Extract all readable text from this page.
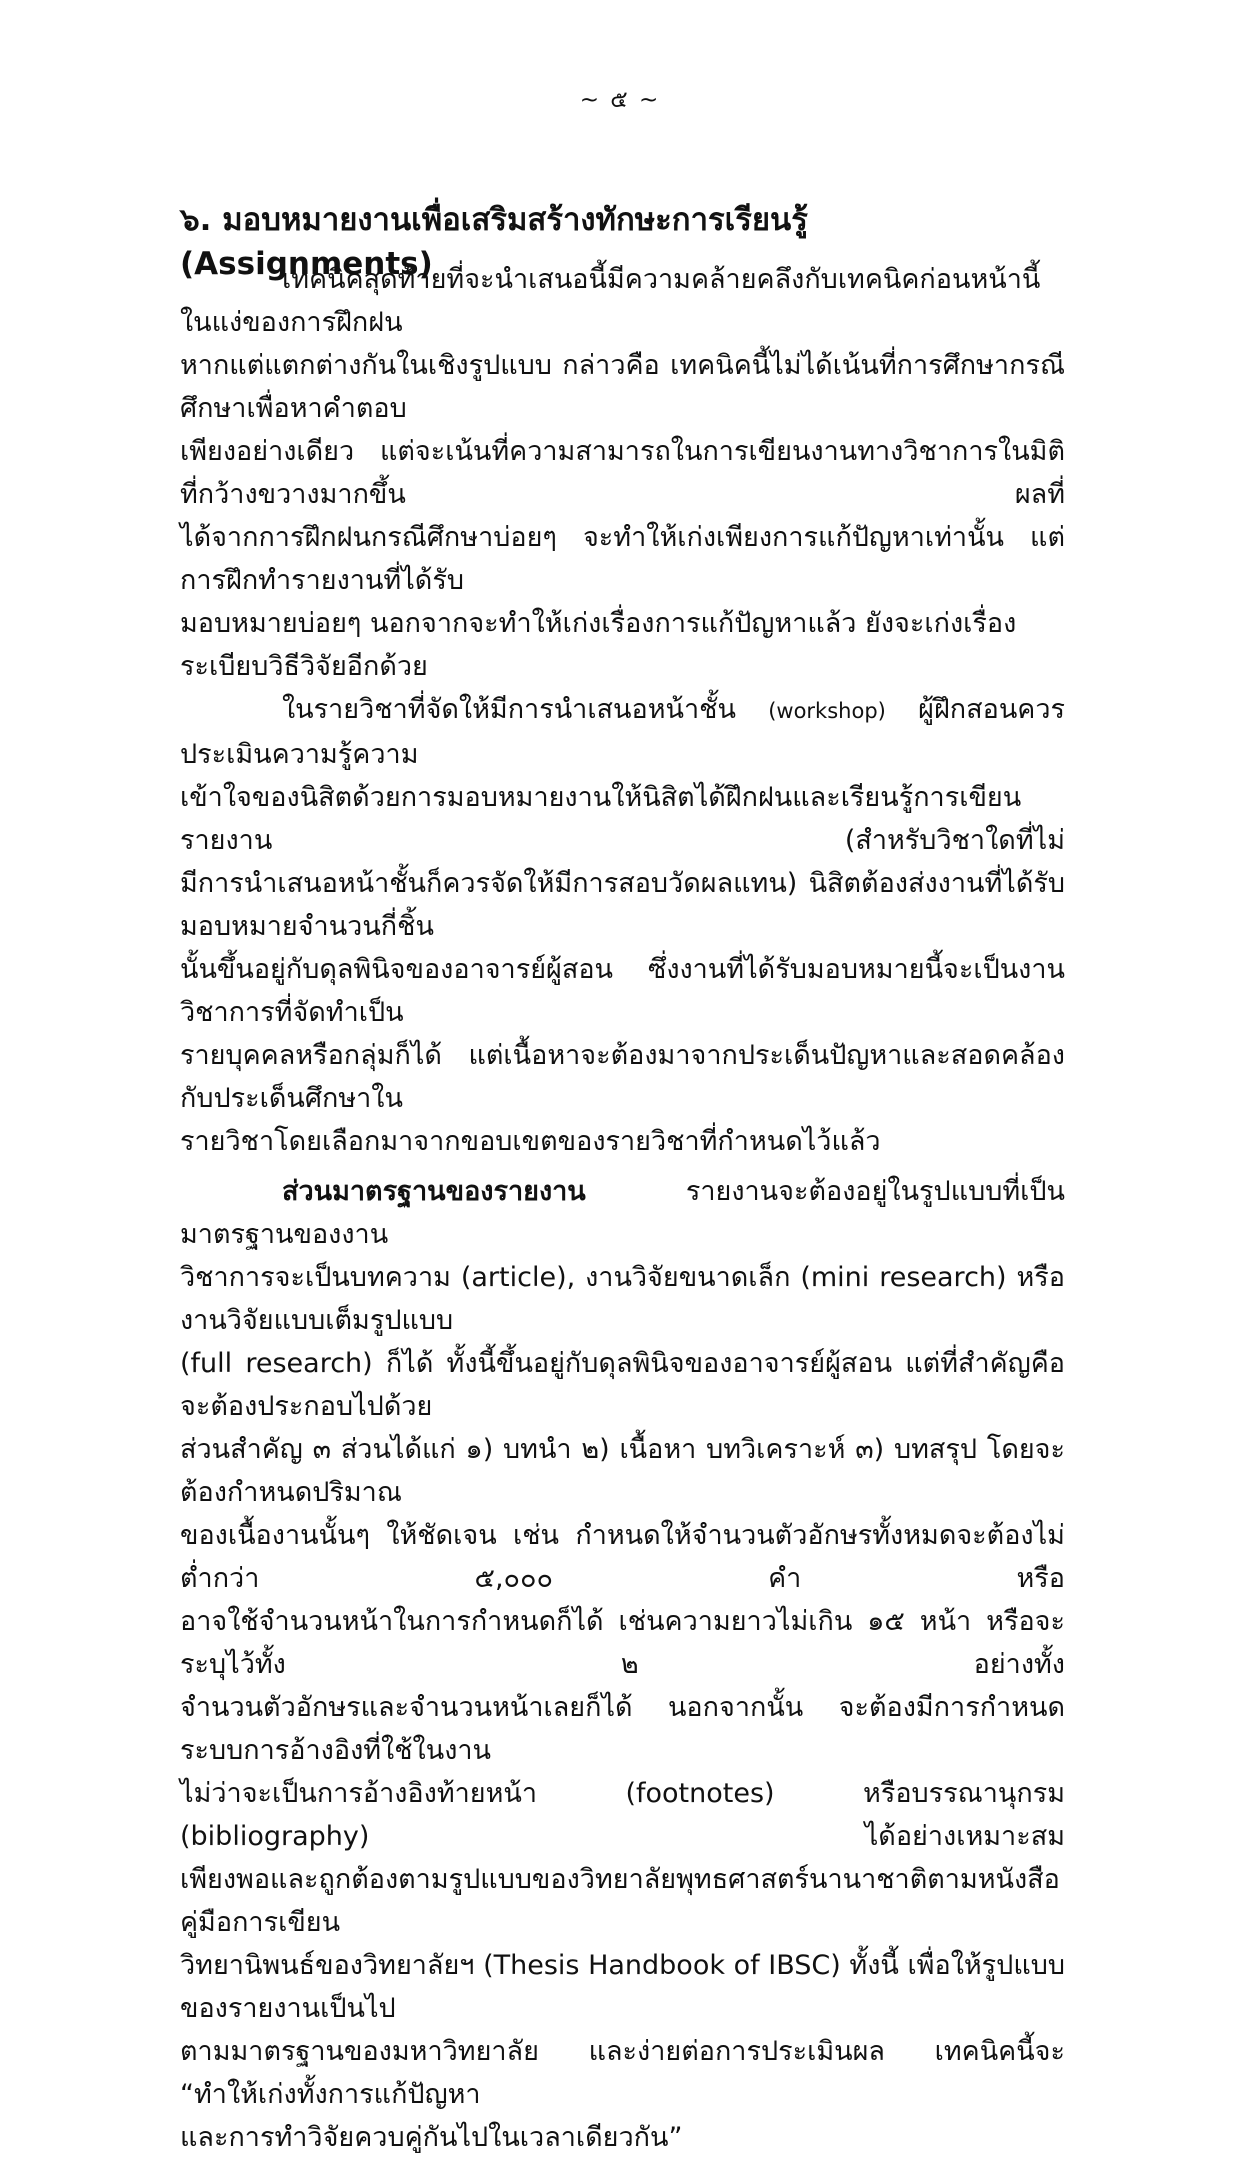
~ ๕ ~
๖. มอบหมายงานเพื่อเสริมสร้างทักษะการเรียนรู้ (Assignments)
เทคนิคสุดท้ายที่จะนำเสนอนี้มีความคล้ายคลึงกับเทคนิคก่อนหน้านี้ในแง่ของการฝึกฝน
หากแต่แตกต่างกันในเชิงรูปแบบ กล่าวคือ เทคนิคนี้ไม่ได้เน้นที่การศึกษากรณีศึกษาเพื่อหาคำตอบ
เพียงอย่างเดียว แต่จะเน้นที่ความสามารถในการเขียนงานทางวิชาการในมิติที่กว้างขวางมากขึ้น ผลที่
ได้จากการฝึกฝนกรณีศึกษาบ่อยๆ จะทำให้เก่งเพียงการแก้ปัญหาเท่านั้น แต่การฝึกทำรายงานที่ได้รับ
มอบหมายบ่อยๆ นอกจากจะทำให้เก่งเรื่องการแก้ปัญหาแล้ว ยังจะเก่งเรื่องระเบียบวิธีวิจัยอีกด้วย
ในรายวิชาที่จัดให้มีการนำเสนอหน้าชั้น (workshop) ผู้ฝึกสอนควรประเมินความรู้ความ
เข้าใจของนิสิตด้วยการมอบหมายงานให้นิสิตได้ฝึกฝนและเรียนรู้การเขียนรายงาน (สำหรับวิชาใดที่ไม่
มีการนำเสนอหน้าชั้นก็ควรจัดให้มีการสอบวัดผลแทน) นิสิตต้องส่งงานที่ได้รับมอบหมายจำนวนกี่ชิ้น
นั้นขึ้นอยู่กับดุลพินิจของอาจารย์ผู้สอน ซึ่งงานที่ได้รับมอบหมายนี้จะเป็นงานวิชาการที่จัดทำเป็น
รายบุคคลหรือกลุ่มก็ได้ แต่เนื้อหาจะต้องมาจากประเด็นปัญหาและสอดคล้องกับประเด็นศึกษาใน
รายวิชาโดยเลือกมาจากขอบเขตของรายวิชาที่กำหนดไว้แล้ว
ส่วนมาตรฐานของรายงาน รายงานจะต้องอยู่ในรูปแบบที่เป็นมาตรฐานของงาน
วิชาการจะเป็นบทความ (article), งานวิจัยขนาดเล็ก (mini research) หรืองานวิจัยแบบเต็มรูปแบบ
(full research) ก็ได้ ทั้งนี้ขึ้นอยู่กับดุลพินิจของอาจารย์ผู้สอน แต่ที่สำคัญคือจะต้องประกอบไปด้วย
ส่วนสำคัญ ๓ ส่วนได้แก่ ๑) บทนำ ๒) เนื้อหา บทวิเคราะห์ ๓) บทสรุป โดยจะต้องกำหนดปริมาณ
ของเนื้องานนั้นๆ ให้ชัดเจน เช่น กำหนดให้จำนวนตัวอักษรทั้งหมดจะต้องไม่ต่ำกว่า ๕,๐๐๐ คำ หรือ
อาจใช้จำนวนหน้าในการกำหนดก็ได้ เช่นความยาวไม่เกิน ๑๕ หน้า หรือจะระบุไว้ทั้ง ๒ อย่างทั้ง
จำนวนตัวอักษรและจำนวนหน้าเลยก็ได้ นอกจากนั้น จะต้องมีการกำหนดระบบการอ้างอิงที่ใช้ในงาน
ไม่ว่าจะเป็นการอ้างอิงท้ายหน้า (footnotes) หรือบรรณานุกรม (bibliography) ได้อย่างเหมาะสม
เพียงพอและถูกต้องตามรูปแบบของวิทยาลัยพุทธศาสตร์นานาชาติตามหนังสือคู่มือการเขียน
วิทยานิพนธ์ของวิทยาลัยฯ (Thesis Handbook of IBSC) ทั้งนี้ เพื่อให้รูปแบบของรายงานเป็นไป
ตามมาตรฐานของมหาวิทยาลัย และง่ายต่อการประเมินผล เทคนิคนี้จะ “ทำให้เก่งทั้งการแก้ปัญหา
และการทำวิจัยควบคู่กันไปในเวลาเดียวกัน”
